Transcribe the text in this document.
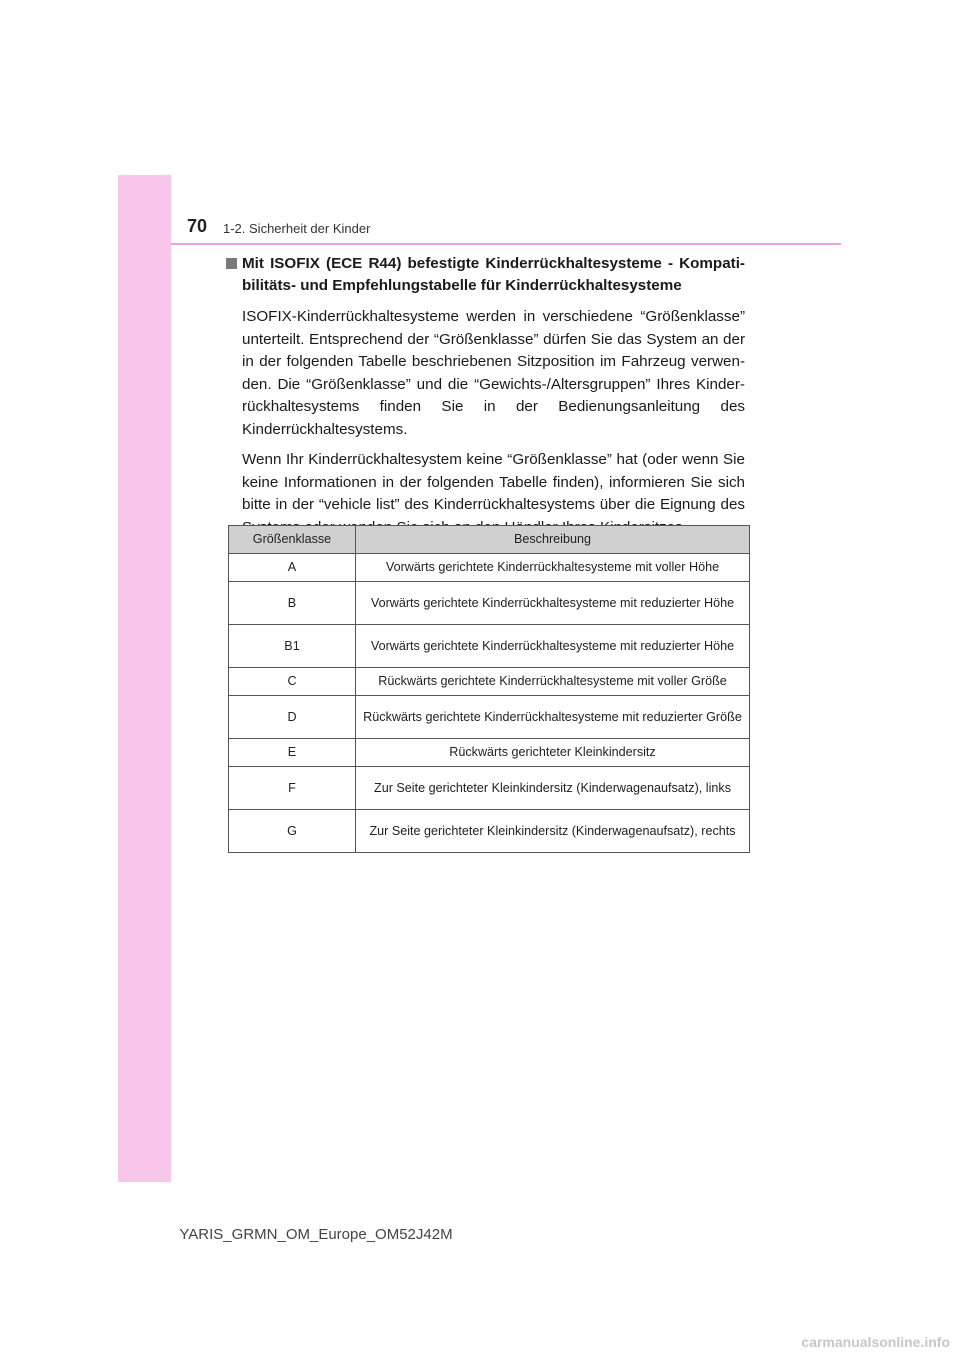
70 1-2. Sicherheit der Kinder

Mit ISOFIX (ECE R44) befestigte Kinderrückhaltesysteme - Kompati-bilitäts- und Empfehlungstabelle für Kinderrückhaltesysteme

ISOFIX-Kinderrückhaltesysteme werden in verschiedene “Größenklasse” unterteilt. Entsprechend der “Größenklasse” dürfen Sie das System an der in der folgenden Tabelle beschriebenen Sitzposition im Fahrzeug verwen-den. Die “Größenklasse” und die “Gewichts-/Altersgruppen” Ihres Kinder-rückhaltesystems finden Sie in der Bedienungsanleitung des Kinderrückhaltesystems.

Wenn Ihr Kinderrückhaltesystem keine “Größenklasse” hat (oder wenn Sie keine Informationen in der folgenden Tabelle finden), informieren Sie sich bitte in der “vehicle list” des Kinderrückhaltesystems über die Eignung des

Größenklasse	Beschreibung
A	Vorwärts gerichtete Kinderrückhaltesysteme mit voller Höhe
B	Vorwärts gerichtete Kinderrückhaltesysteme mit reduzierter Höhe
B1	Vorwärts gerichtete Kinderrückhaltesysteme mit reduzierter Höhe
C	Rückwärts gerichtete Kinderrückhaltesysteme mit voller Größe
D	Rückwärts gerichtete Kinderrückhaltesysteme mit reduzierter Größe
E	Rückwärts gerichteter Kleinkindersitz
F	Zur Seite gerichteter Kleinkindersitz (Kinderwagenaufsatz), links
G	Zur Seite gerichteter Kleinkindersitz (Kinderwagenaufsatz), rechts
YARIS_GRMN_OM_Europe_OM52J42M
carmanualsonline.info
